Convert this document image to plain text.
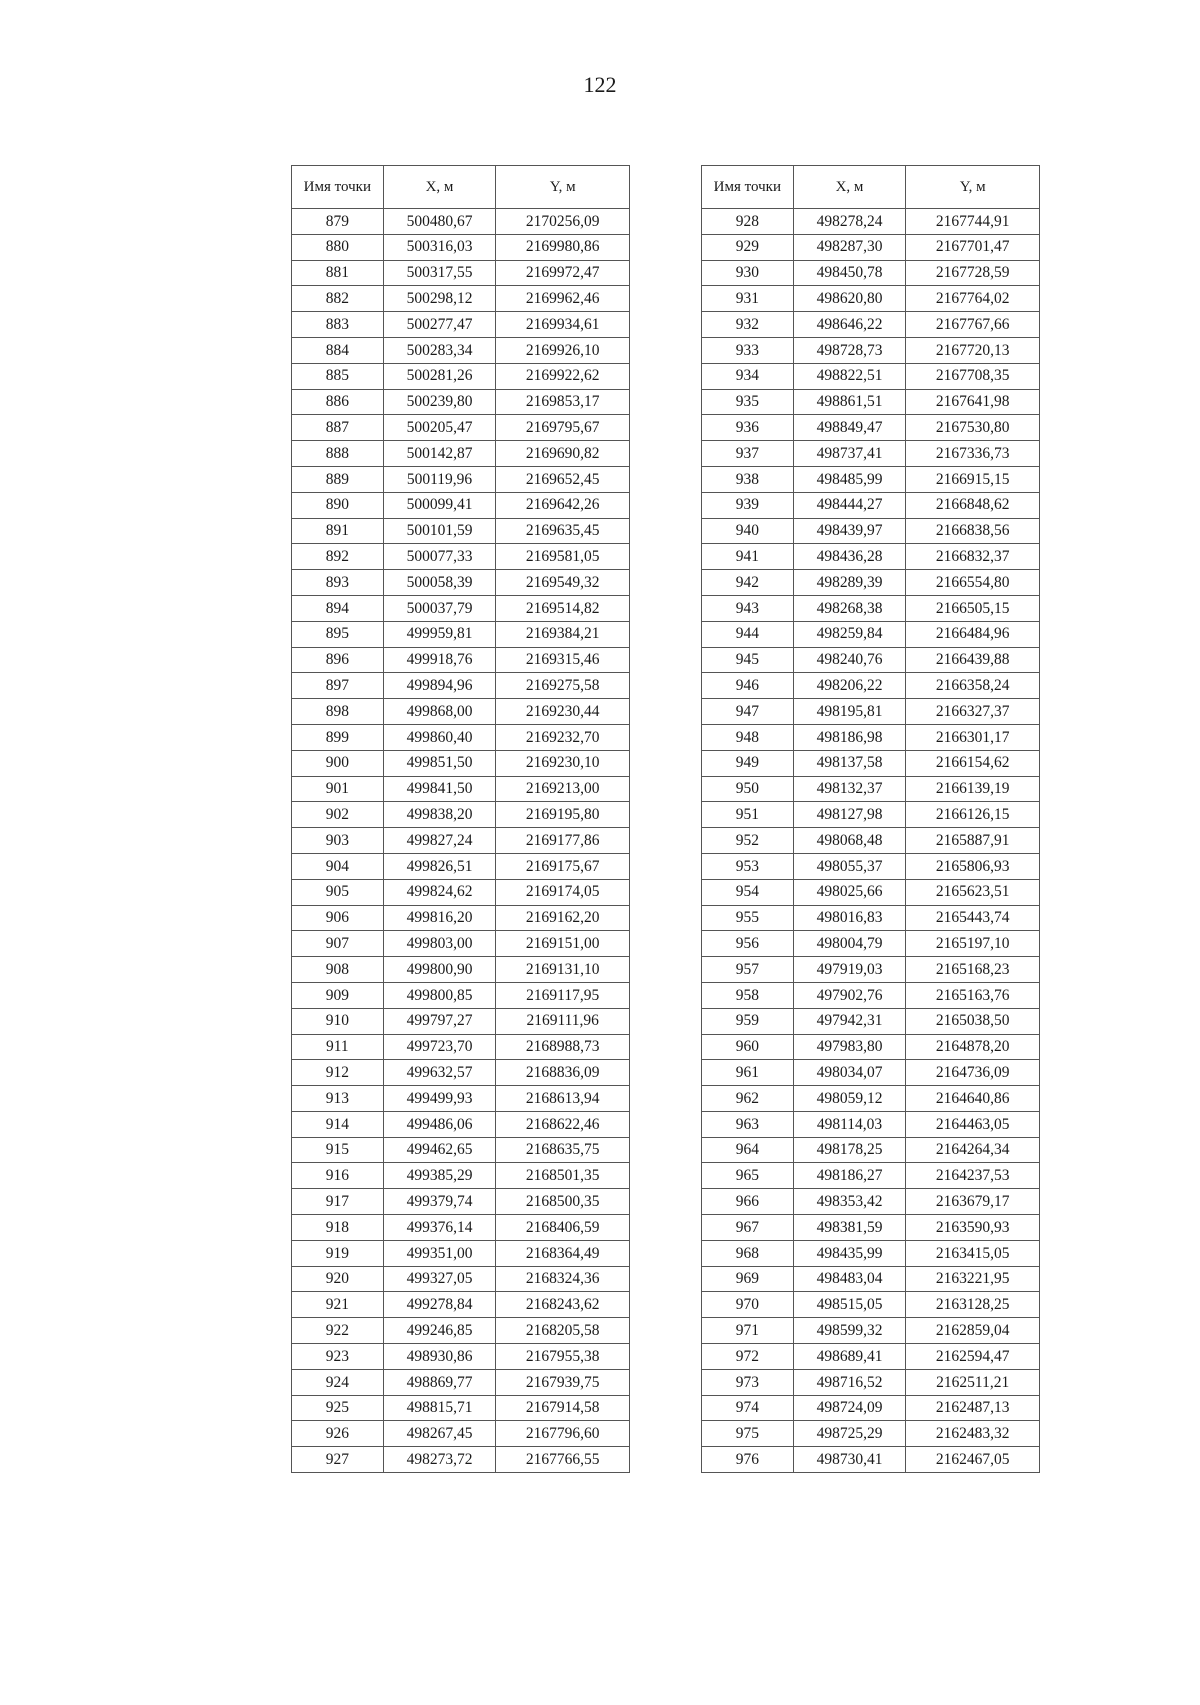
122
Имя точки	X, м	Y, м
879	500480,67	2170256,09
880	500316,03	2169980,86
881	500317,55	2169972,47
882	500298,12	2169962,46
883	500277,47	2169934,61
884	500283,34	2169926,10
885	500281,26	2169922,62
886	500239,80	2169853,17
887	500205,47	2169795,67
888	500142,87	2169690,82
889	500119,96	2169652,45
890	500099,41	2169642,26
891	500101,59	2169635,45
892	500077,33	2169581,05
893	500058,39	2169549,32
894	500037,79	2169514,82
895	499959,81	2169384,21
896	499918,76	2169315,46
897	499894,96	2169275,58
898	499868,00	2169230,44
899	499860,40	2169232,70
900	499851,50	2169230,10
901	499841,50	2169213,00
902	499838,20	2169195,80
903	499827,24	2169177,86
904	499826,51	2169175,67
905	499824,62	2169174,05
906	499816,20	2169162,20
907	499803,00	2169151,00
908	499800,90	2169131,10
909	499800,85	2169117,95
910	499797,27	2169111,96
911	499723,70	2168988,73
912	499632,57	2168836,09
913	499499,93	2168613,94
914	499486,06	2168622,46
915	499462,65	2168635,75
916	499385,29	2168501,35
917	499379,74	2168500,35
918	499376,14	2168406,59
919	499351,00	2168364,49
920	499327,05	2168324,36
921	499278,84	2168243,62
922	499246,85	2168205,58
923	498930,86	2167955,38
924	498869,77	2167939,75
925	498815,71	2167914,58
926	498267,45	2167796,60
927	498273,72	2167766,55
Имя точки	X, м	Y, м
928	498278,24	2167744,91
929	498287,30	2167701,47
930	498450,78	2167728,59
931	498620,80	2167764,02
932	498646,22	2167767,66
933	498728,73	2167720,13
934	498822,51	2167708,35
935	498861,51	2167641,98
936	498849,47	2167530,80
937	498737,41	2167336,73
938	498485,99	2166915,15
939	498444,27	2166848,62
940	498439,97	2166838,56
941	498436,28	2166832,37
942	498289,39	2166554,80
943	498268,38	2166505,15
944	498259,84	2166484,96
945	498240,76	2166439,88
946	498206,22	2166358,24
947	498195,81	2166327,37
948	498186,98	2166301,17
949	498137,58	2166154,62
950	498132,37	2166139,19
951	498127,98	2166126,15
952	498068,48	2165887,91
953	498055,37	2165806,93
954	498025,66	2165623,51
955	498016,83	2165443,74
956	498004,79	2165197,10
957	497919,03	2165168,23
958	497902,76	2165163,76
959	497942,31	2165038,50
960	497983,80	2164878,20
961	498034,07	2164736,09
962	498059,12	2164640,86
963	498114,03	2164463,05
964	498178,25	2164264,34
965	498186,27	2164237,53
966	498353,42	2163679,17
967	498381,59	2163590,93
968	498435,99	2163415,05
969	498483,04	2163221,95
970	498515,05	2163128,25
971	498599,32	2162859,04
972	498689,41	2162594,47
973	498716,52	2162511,21
974	498724,09	2162487,13
975	498725,29	2162483,32
976	498730,41	2162467,05
